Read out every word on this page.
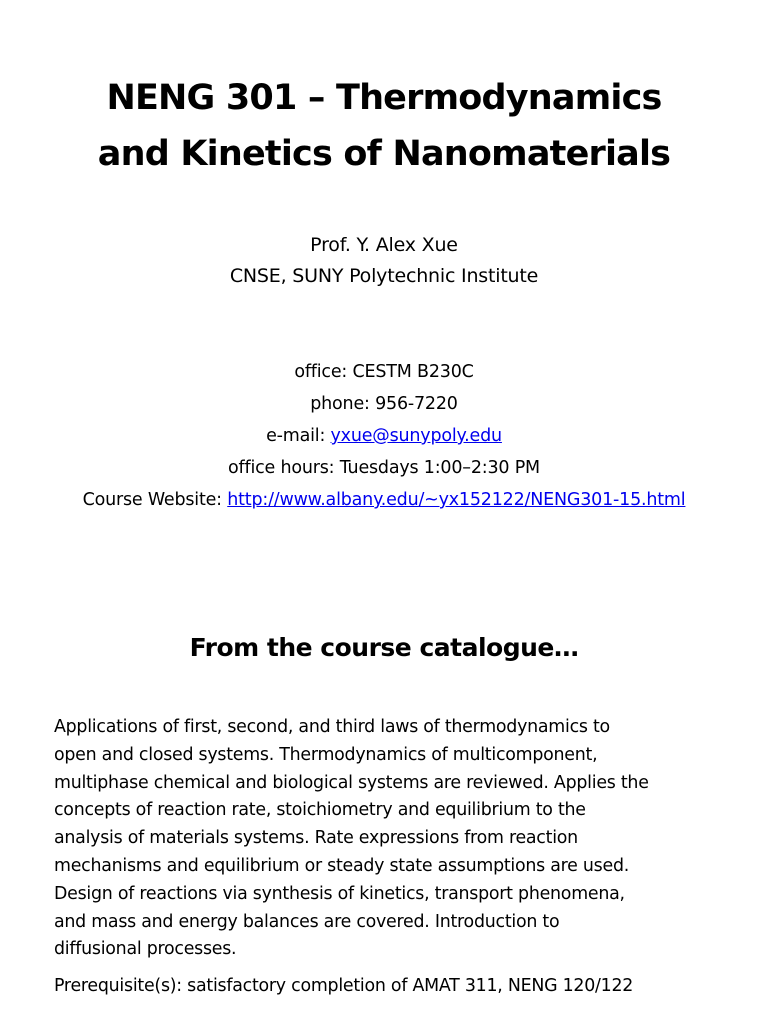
NENG 301 – Thermodynamics
and Kinetics of Nanomaterials
Prof. Y. Alex Xue
CNSE, SUNY Polytechnic Institute
office: CESTM B230C
phone: 956-7220
e-mail: yxue@sunypoly.edu
office hours: Tuesdays 1:00–2:30 PM
Course Website: http://www.albany.edu/~yx152122/NENG301-15.html
From the course catalogue…

Applications of first, second, and third laws of thermodynamics to
open and closed systems. Thermodynamics of multicomponent,
multiphase chemical and biological systems are reviewed. Applies the
concepts of reaction rate, stoichiometry and equilibrium to the
analysis of materials systems. Rate expressions from reaction
mechanisms and equilibrium or steady state assumptions are used.
Design of reactions via synthesis of kinetics, transport phenomena,
and mass and energy balances are covered. Introduction to
diffusional processes.

Prerequisite(s): satisfactory completion of AMAT 311, NENG 120/122
